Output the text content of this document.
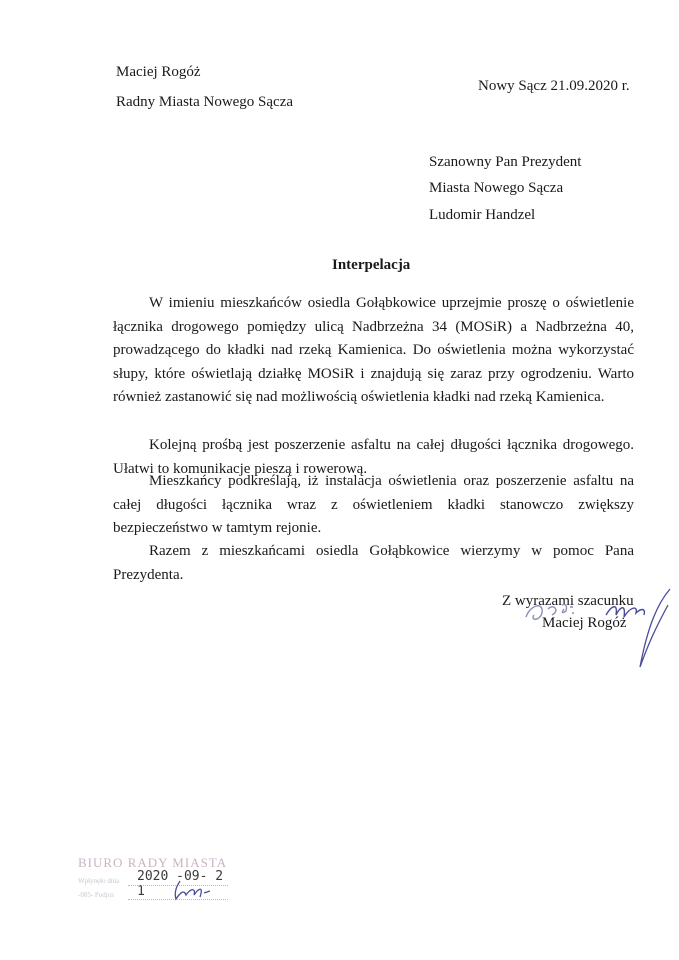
Maciej Rogóż
Radny Miasta Nowego Sącza
Nowy Sącz 21.09.2020 r.
Szanowny Pan Prezydent
Miasta Nowego Sącza
Ludomir Handzel
Interpelacja
W imieniu mieszkańców osiedla Gołąbkowice uprzejmie proszę o oświetlenie łącznika drogowego pomiędzy ulicą Nadbrzeżna 34 (MOSiR) a Nadbrzeżna 40, prowadzącego do kładki nad rzeką Kamienica. Do oświetlenia można wykorzystać słupy, które oświetlają działkę MOSiR i znajdują się zaraz przy ogrodzeniu. Warto również zastanowić się nad możliwością oświetlenia kładki nad rzeką Kamienica.
Kolejną prośbą jest poszerzenie asfaltu na całej długości łącznika drogowego. Ułatwi to komunikacje pieszą i rowerową.
Mieszkańcy podkreślają, iż instalacja oświetlenia oraz poszerzenie asfaltu na całej długości łącznika wraz z oświetleniem kładki stanowczo zwiększy bezpieczeństwo w tamtym rejonie.
Razem z mieszkańcami osiedla Gołąbkowice wierzymy w pomoc Pana Prezydenta.
Z wyrazami szacunku
Maciej Rogóż
BIURO RADY MIASTA
2020 -09- 2 1
Wpłynęło dnia
-085- Podpis
